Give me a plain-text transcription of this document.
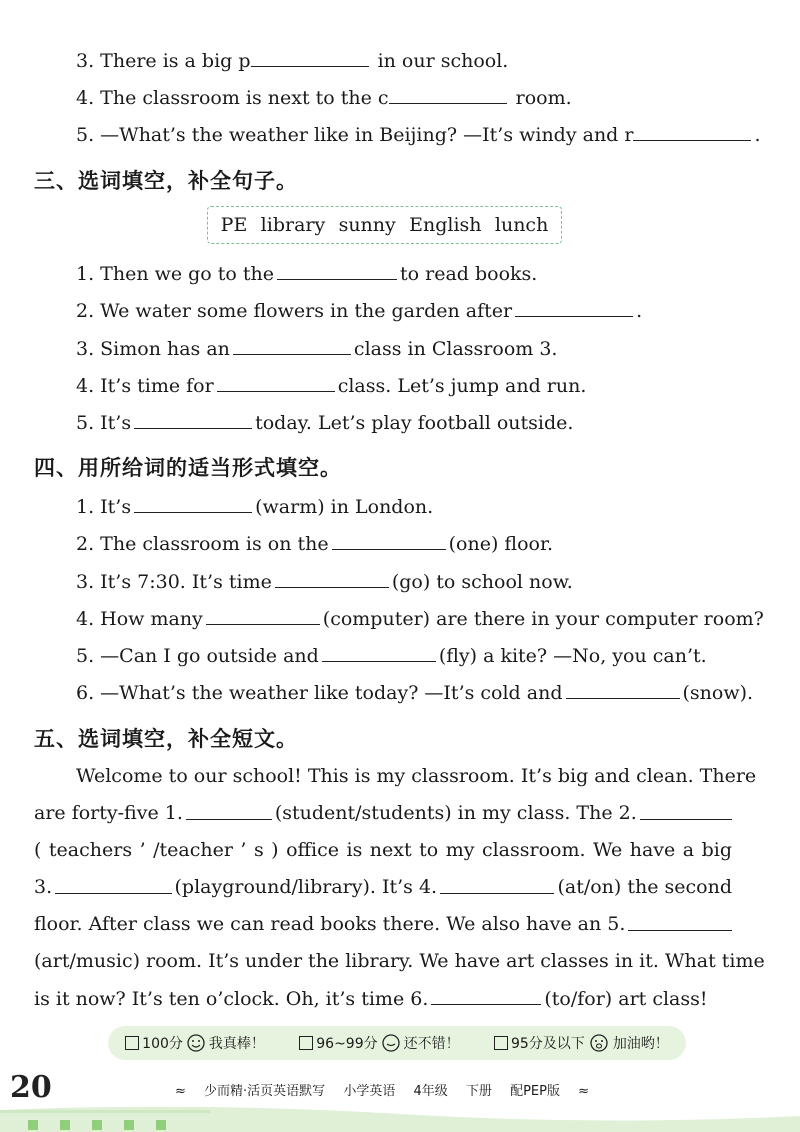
3. There is a big p	in our school.
4. The classroom is next to the c	room.
5. —What’s the weather like in Beijing? —It’s windy and r	.
三、选词填空，补全句子。
PE library sunny English lunch
1. Then we go to the	to read books.
2. We water some flowers in the garden after	.
3. Simon has an	class in Classroom 3.
4. It’s time for	class. Let’s jump and run.
5. It’s	today. Let’s play football outside.
四、用所给词的适当形式填空。
1. It’s	(warm) in London.
2. The classroom is on the	(one) floor.
3. It’s 7:30. It’s time	(go) to school now.
4. How many	(computer) are there in your computer room?
5. —Can I go outside and	(fly) a kite? —No, you can’t.
6. —What’s the weather like today? —It’s cold and	(snow).
五、选词填空，补全短文。
Welcome to our school! This is my classroom. It’s big and clean. There
are forty-five 1.	(student/students) in my class. The 2.
( teachers ’ /teacher ’ s ) office is next to my classroom. We have a big
3.	(playground/library). It’s 4.	(at/on) the second
floor. After class we can read books there. We also have an 5.
(art/music) room. It’s under the library. We have art classes in it. What time
is it now? It’s ten o’clock. Oh, it’s time 6.	(to/for) art class!
100分 我真棒！	96~99分 还不错！	95分及以下 加油哟！
20	≈ 少而精·活页英语默写 小学英语 4年级 下册 配PEP版 ≈
